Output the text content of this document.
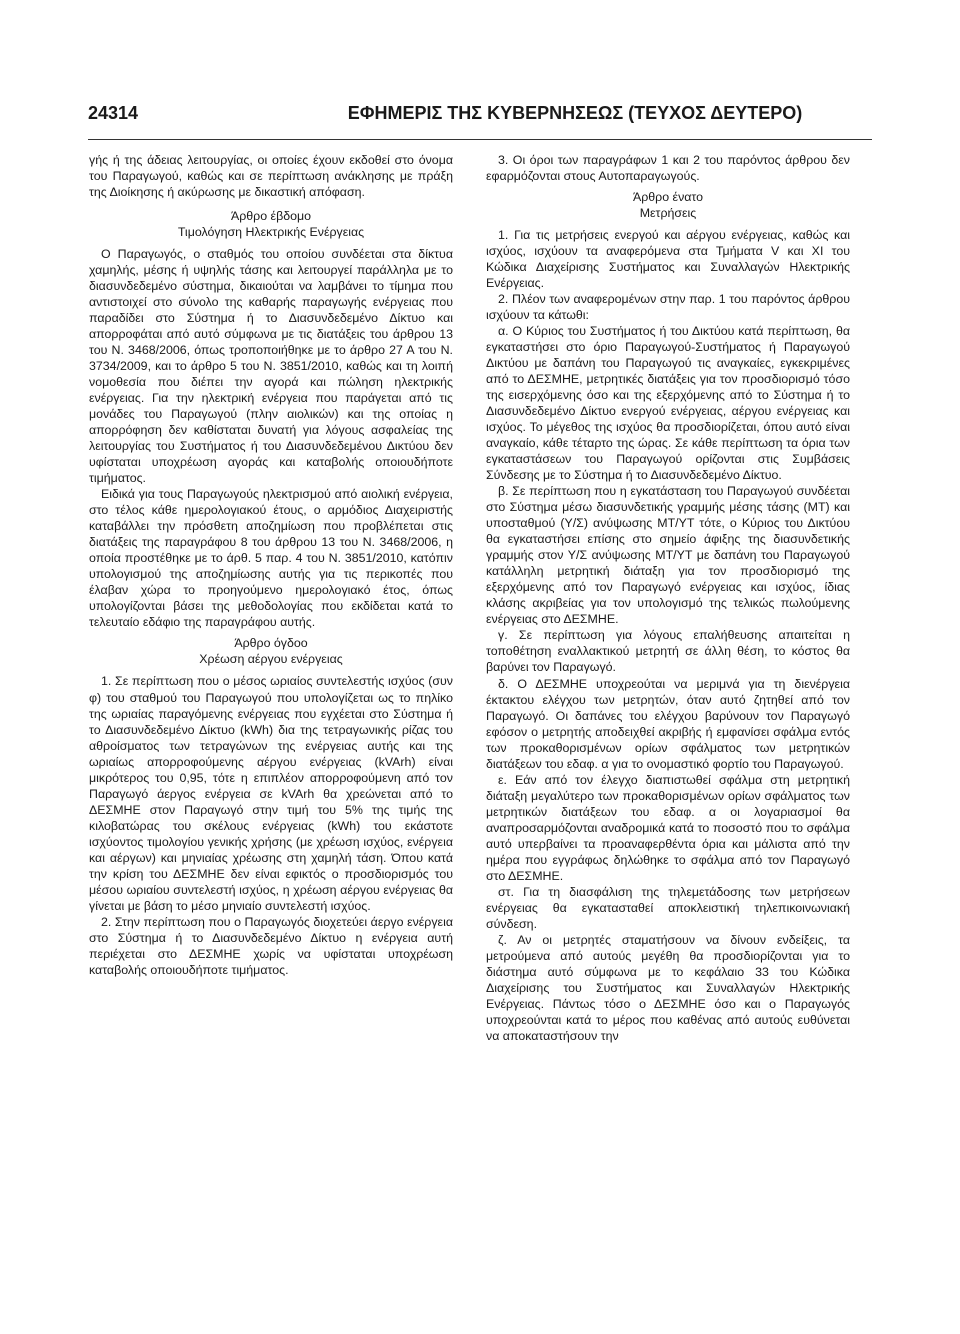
24314	ΕΦΗΜΕΡΙΣ ΤΗΣ ΚΥΒΕΡΝΗΣΕΩΣ (ΤΕΥΧΟΣ ΔΕΥΤΕΡΟ)

γής ή της άδειας λειτουργίας, οι οποίες έχουν εκδοθεί στο όνομα του Παραγωγού, καθώς και σε περίπτωση ανάκλησης με πράξη της Διοίκησης ή ακύρωσης με δικαστική απόφαση.

Άρθρο έβδομο

Τιμολόγηση Ηλεκτρικής Ενέργειας

Ο Παραγωγός, ο σταθμός του οποίου συνδέεται στα δίκτυα χαμηλής, μέσης ή υψηλής τάσης και λειτουργεί παράλληλα με το διασυνδεδεμένο σύστημα, δικαιούται να λαμβάνει το τίμημα που αντιστοιχεί στο σύνολο της καθαρής παραγωγής ενέργειας που παραδίδει στο Σύστημα ή το Διασυνδεδεμένο Δίκτυο και απορροφάται από αυτό σύμφωνα με τις διατάξεις του άρθρου 13 του Ν. 3468/2006, όπως τροποποιήθηκε με το άρθρο 27 Α του Ν. 3734/2009, και το άρθρο 5 του Ν. 3851/2010, καθώς και τη λοιπή νομοθεσία που διέπει την αγορά και πώληση ηλεκτρικής ενέργειας. Για την ηλεκτρική ενέργεια που παράγεται από τις μονάδες του Παραγωγού (πλην αιολικών) και της οποίας η απορρόφηση δεν καθίσταται δυνατή για λόγους ασφαλείας της λειτουργίας του Συστήματος ή του Διασυνδεδεμένου Δικτύου δεν υφίσταται υποχρέωση αγοράς και καταβολής οποιουδήποτε τιμήματος.

Ειδικά για τους Παραγωγούς ηλεκτρισμού από αιολική ενέργεια, στο τέλος κάθε ημερολογιακού έτους, ο αρμόδιος Διαχειριστής καταβάλλει την πρόσθετη αποζημίωση που προβλέπεται στις διατάξεις της παραγράφου 8 του άρθρου 13 του Ν. 3468/2006, η οποία προστέθηκε με το άρθ. 5 παρ. 4 του Ν. 3851/2010, κατόπιν υπολογισμού της αποζημίωσης αυτής για τις περικοπές που έλαβαν χώρα το προηγούμενο ημερολογιακό έτος, όπως υπολογίζονται βάσει της μεθοδολογίας που εκδίδεται κατά το τελευταίο εδάφιο της παραγράφου αυτής.

Άρθρο όγδοο

Χρέωση αέργου ενέργειας

1. Σε περίπτωση που ο μέσος ωριαίος συντελεστής ισχύος (συν φ) του σταθμού του Παραγωγού που υπολογίζεται ως το πηλίκο της ωριαίας παραγόμενης ενέργειας που εγχέεται στο Σύστημα ή το Διασυνδεδεμένο Δίκτυο (kWh) δια της τετραγωνικής ρίζας του αθροίσματος των τετραγώνων της ενέργειας αυτής και της ωριαίως απορροφούμενης αέργου ενέργειας (kVArh) είναι μικρότερος του 0,95, τότε η επιπλέον απορροφούμενη από τον Παραγωγό άεργος ενέργεια σε kVArh θα χρεώνεται από το ΔΕΣΜΗΕ στον Παραγωγό στην τιμή του 5% της τιμής της κιλοβατώρας του σκέλους ενέργειας (kWh) του εκάστοτε ισχύοντος τιμολογίου γενικής χρήσης (με χρέωση ισχύος, ενέργεια και αέργων) και μηνιαίας χρέωσης στη χαμηλή τάση. Όπου κατά την κρίση του ΔΕΣΜΗΕ δεν είναι εφικτός ο προσδιορισμός του μέσου ωριαίου συντελεστή ισχύος, η χρέωση αέργου ενέργειας θα γίνεται με βάση το μέσο μηνιαίο συντελεστή ισχύος.

2. Στην περίπτωση που ο Παραγωγός διοχετεύει άεργο ενέργεια στο Σύστημα ή το Διασυνδεδεμένο Δίκτυο η ενέργεια αυτή περιέχεται στο ΔΕΣΜΗΕ χωρίς να υφίσταται υποχρέωση καταβολής οποιουδήποτε τιμήματος.

3. Οι όροι των παραγράφων 1 και 2 του παρόντος άρθρου δεν εφαρμόζονται στους Αυτοπαραγωγούς.

Άρθρο ένατο

Μετρήσεις

1. Για τις μετρήσεις ενεργού και αέργου ενέργειας, καθώς και ισχύος, ισχύουν τα αναφερόμενα στα Τμήματα V και XI του Κώδικα Διαχείρισης Συστήματος και Συναλλαγών Ηλεκτρικής Ενέργειας.

2. Πλέον των αναφερομένων στην παρ. 1 του παρόντος άρθρου ισχύουν τα κάτωθι:

α. Ο Κύριος του Συστήματος ή του Δικτύου κατά περίπτωση, θα εγκαταστήσει στο όριο Παραγωγού-Συστήματος ή Παραγωγού Δικτύου με δαπάνη του Παραγωγού τις αναγκαίες, εγκεκριμένες από το ΔΕΣΜΗΕ, μετρητικές διατάξεις για τον προσδιορισμό τόσο της εισερχόμενης όσο και της εξερχόμενης από το Σύστημα ή το Διασυνδεδεμένο Δίκτυο ενεργού ενέργειας, αέργου ενέργειας και ισχύος. Το μέγεθος της ισχύος θα προσδιορίζεται, όπου αυτό είναι αναγκαίο, κάθε τέταρτο της ώρας. Σε κάθε περίπτωση τα όρια των εγκαταστάσεων του Παραγωγού ορίζονται στις Συμβάσεις Σύνδεσης με το Σύστημα ή το Διασυνδεδεμένο Δίκτυο.

β. Σε περίπτωση που η εγκατάσταση του Παραγωγού συνδέεται στο Σύστημα μέσω διασυνδετικής γραμμής μέσης τάσης (ΜΤ) και υποσταθμού (Υ/Σ) ανύψωσης ΜΤ/ΥΤ τότε, ο Κύριος του Δικτύου θα εγκαταστήσει επίσης στο σημείο άφιξης της διασυνδετικής γραμμής στον Υ/Σ ανύψωσης ΜΤ/ΥΤ με δαπάνη του Παραγωγού κατάλληλη μετρητική διάταξη για τον προσδιορισμό της εξερχόμενης από τον Παραγωγό ενέργειας και ισχύος, ίδιας κλάσης ακριβείας για τον υπολογισμό της τελικώς πωλούμενης ενέργειας στο ΔΕΣΜΗΕ.

γ. Σε περίπτωση για λόγους επαλήθευσης απαιτείται η τοποθέτηση εναλλακτικού μετρητή σε άλλη θέση, το κόστος θα βαρύνει τον Παραγωγό.

δ. Ο ΔΕΣΜΗΕ υποχρεούται να μεριμνά για τη διενέργεια έκτακτου ελέγχου των μετρητών, όταν αυτό ζητηθεί από τον Παραγωγό. Οι δαπάνες του ελέγχου βαρύνουν τον Παραγωγό εφόσον ο μετρητής αποδειχθεί ακριβής ή εμφανίσει σφάλμα εντός των προκαθορισμένων ορίων σφάλματος των μετρητικών διατάξεων του εδαφ. α για το ονομαστικό φορτίο του Παραγωγού.

ε. Εάν από τον έλεγχο διαπιστωθεί σφάλμα στη μετρητική διάταξη μεγαλύτερο των προκαθορισμένων ορίων σφάλματος των μετρητικών διατάξεων του εδαφ. α οι λογαριασμοί θα αναπροσαρμόζονται αναδρομικά κατά το ποσοστό που το σφάλμα αυτό υπερβαίνει τα προαναφερθέντα όρια και μάλιστα από την ημέρα που εγγράφως δηλώθηκε το σφάλμα από τον Παραγωγό στο ΔΕΣΜΗΕ.

στ. Για τη διασφάλιση της τηλεμετάδοσης των μετρήσεων ενέργειας θα εγκατασταθεί αποκλειστική τηλεπικοινωνιακή σύνδεση.

ζ. Αν οι μετρητές σταματήσουν να δίνουν ενδείξεις, τα μετρούμενα από αυτούς μεγέθη θα προσδιορίζονται για το διάστημα αυτό σύμφωνα με το κεφάλαιο 33 του Κώδικα Διαχείρισης του Συστήματος και Συναλλαγών Ηλεκτρικής Ενέργειας. Πάντως τόσο ο ΔΕΣΜΗΕ όσο και ο Παραγωγός υποχρεούνται κατά το μέρος που καθένας από αυτούς ευθύνεται να αποκαταστήσουν την
